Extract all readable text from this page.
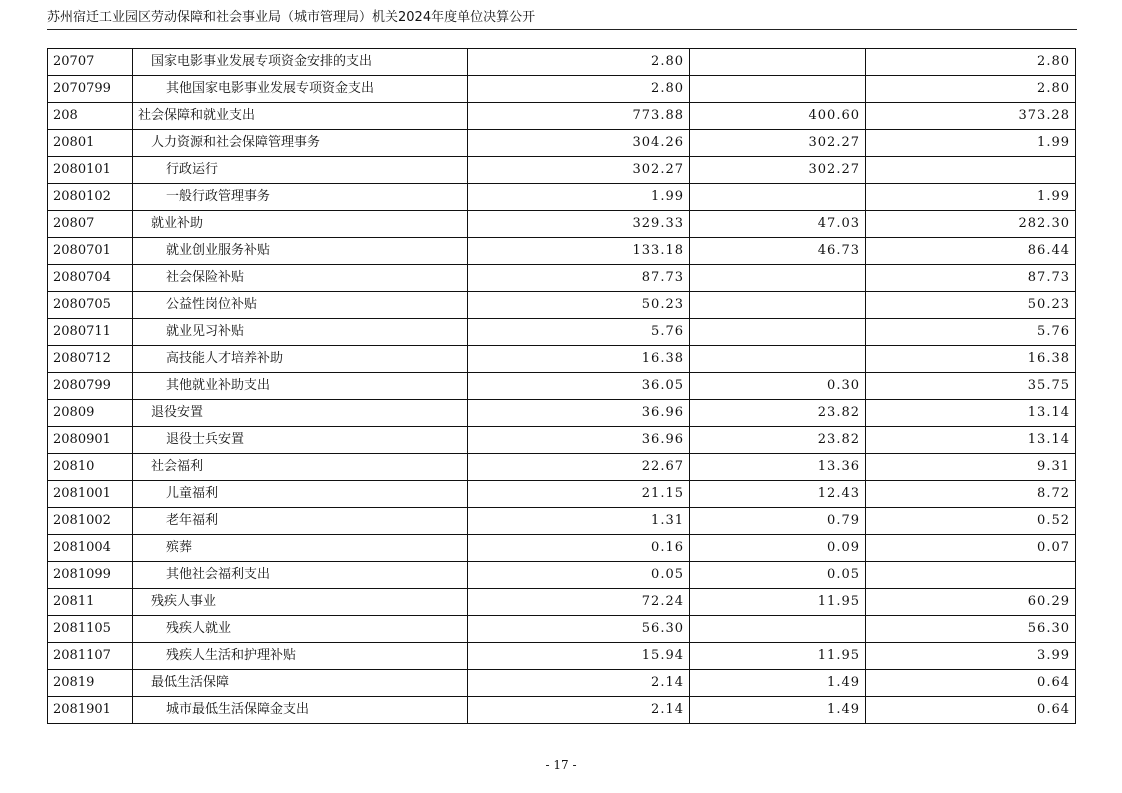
苏州宿迁工业园区劳动保障和社会事业局（城市管理局）机关2024年度单位决算公开
20707	国家电影事业发展专项资金安排的支出	2.80		2.80
2070799	其他国家电影事业发展专项资金支出	2.80		2.80
208	社会保障和就业支出	773.88	400.60	373.28
20801	人力资源和社会保障管理事务	304.26	302.27	1.99
2080101	行政运行	302.27	302.27	
2080102	一般行政管理事务	1.99		1.99
20807	就业补助	329.33	47.03	282.30
2080701	就业创业服务补贴	133.18	46.73	86.44
2080704	社会保险补贴	87.73		87.73
2080705	公益性岗位补贴	50.23		50.23
2080711	就业见习补贴	5.76		5.76
2080712	高技能人才培养补助	16.38		16.38
2080799	其他就业补助支出	36.05	0.30	35.75
20809	退役安置	36.96	23.82	13.14
2080901	退役士兵安置	36.96	23.82	13.14
20810	社会福利	22.67	13.36	9.31
2081001	儿童福利	21.15	12.43	8.72
2081002	老年福利	1.31	0.79	0.52
2081004	殡葬	0.16	0.09	0.07
2081099	其他社会福利支出	0.05	0.05	
20811	残疾人事业	72.24	11.95	60.29
2081105	残疾人就业	56.30		56.30
2081107	残疾人生活和护理补贴	15.94	11.95	3.99
20819	最低生活保障	2.14	1.49	0.64
2081901	城市最低生活保障金支出	2.14	1.49	0.64
- 17 -
